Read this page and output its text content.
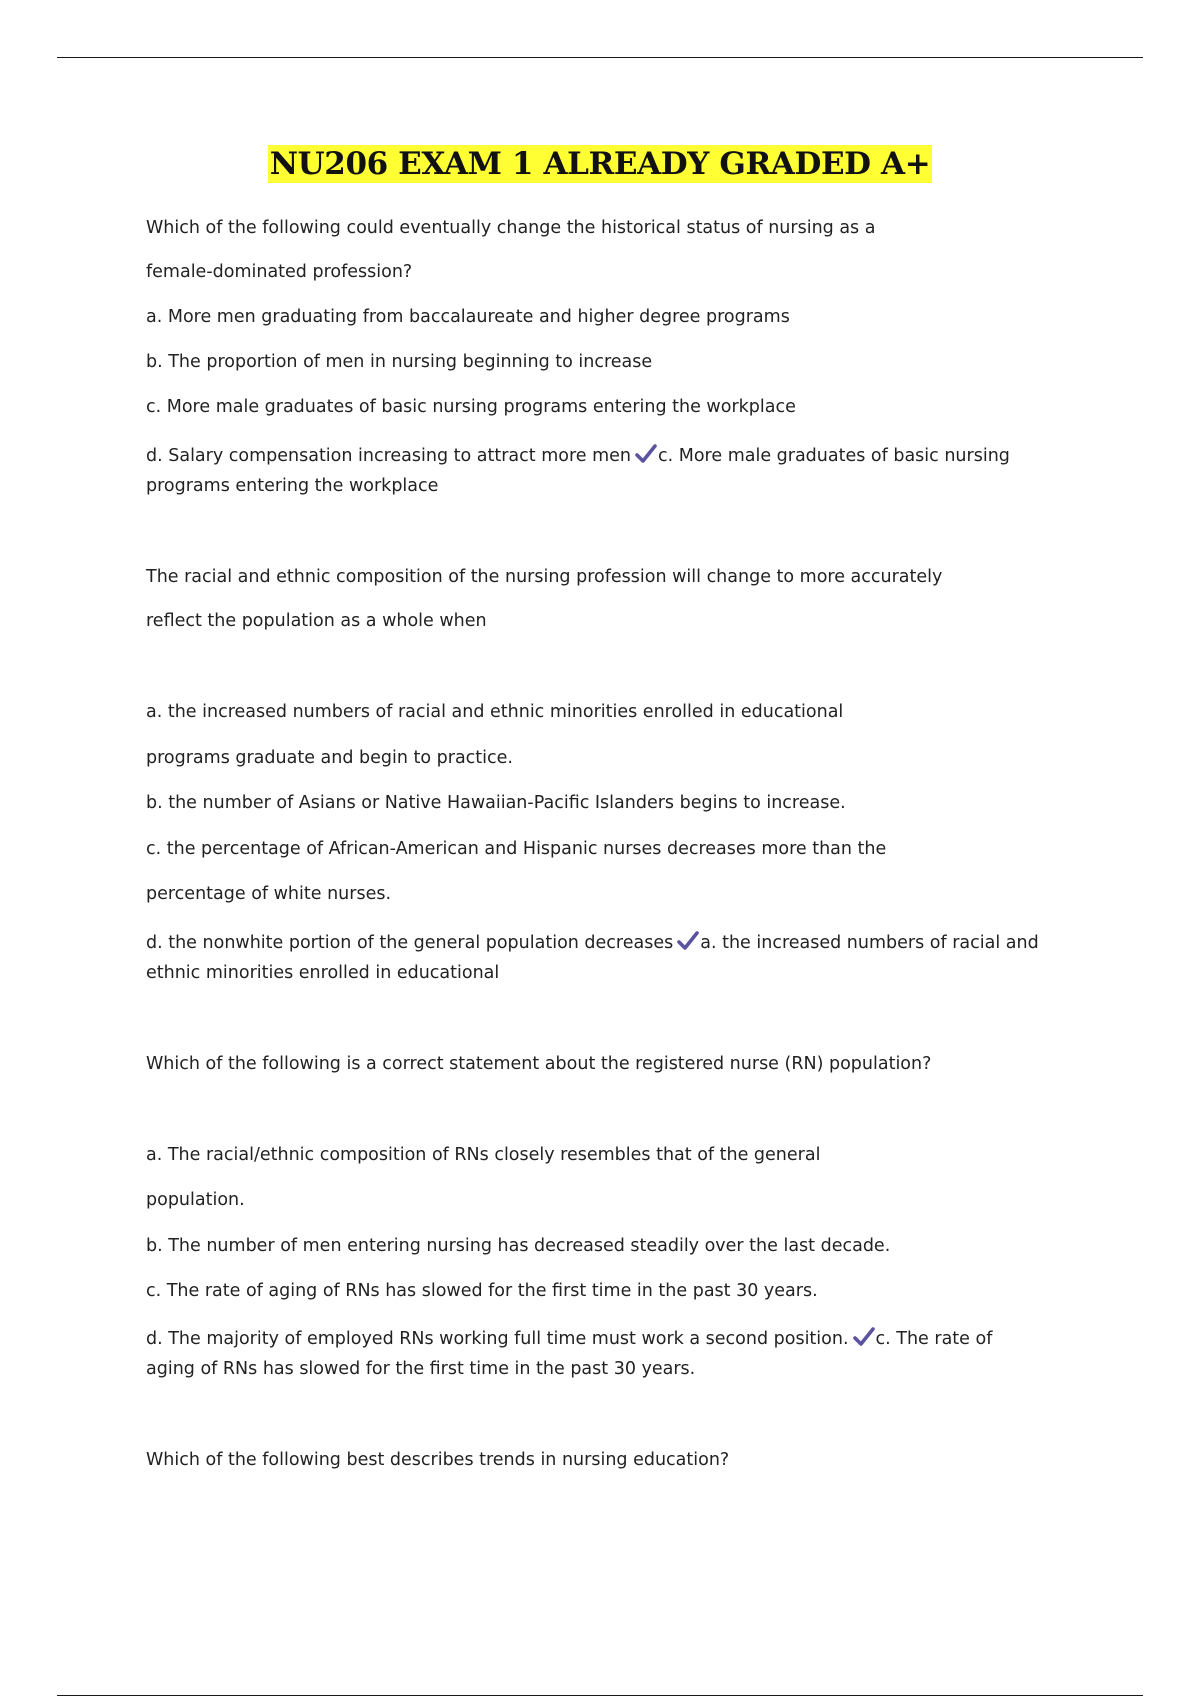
NU206 EXAM 1 ALREADY GRADED A+
Which of the following could eventually change the historical status of nursing as a
female-dominated profession?
a. More men graduating from baccalaureate and higher degree programs
b. The proportion of men in nursing beginning to increase
c. More male graduates of basic nursing programs entering the workplace
d. Salary compensation increasing to attract more men c. More male graduates of basic nursing programs entering the workplace
The racial and ethnic composition of the nursing profession will change to more accurately
reflect the population as a whole when
a. the increased numbers of racial and ethnic minorities enrolled in educational
programs graduate and begin to practice.
b. the number of Asians or Native Hawaiian-Pacific Islanders begins to increase.
c. the percentage of African-American and Hispanic nurses decreases more than the
percentage of white nurses.
d. the nonwhite portion of the general population decreases a. the increased numbers of racial and ethnic minorities enrolled in educational
Which of the following is a correct statement about the registered nurse (RN) population?
a. The racial/ethnic composition of RNs closely resembles that of the general
population.
b. The number of men entering nursing has decreased steadily over the last decade.
c. The rate of aging of RNs has slowed for the first time in the past 30 years.
d. The majority of employed RNs working full time must work a second position. c. The rate of aging of RNs has slowed for the first time in the past 30 years.
Which of the following best describes trends in nursing education?
